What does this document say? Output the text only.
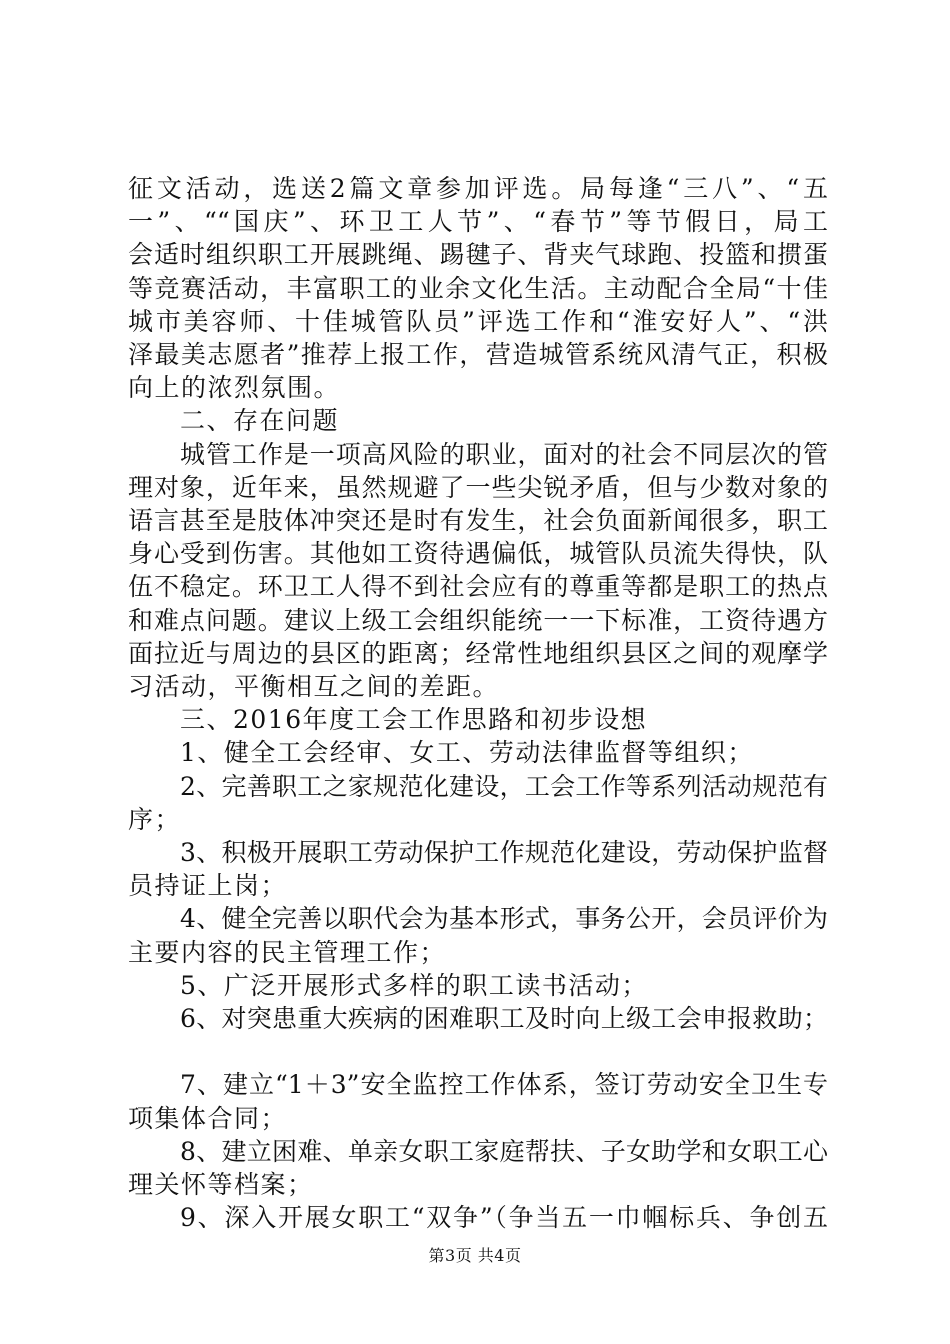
征文活动，选送2篇文章参加评选。局每逢“三八”、“五
一”、““国庆”、环卫工人节”、“春节”等节假日，局工
会适时组织职工开展跳绳、踢毽子、背夹气球跑、投篮和掼蛋
等竞赛活动，丰富职工的业余文化生活。主动配合全局“十佳
城市美容师、十佳城管队员”评选工作和“淮安好人”、“洪
泽最美志愿者”推荐上报工作，营造城管系统风清气正，积极
向上的浓烈氛围。
二、存在问题
城管工作是一项高风险的职业，面对的社会不同层次的管
理对象，近年来，虽然规避了一些尖锐矛盾，但与少数对象的
语言甚至是肢体冲突还是时有发生，社会负面新闻很多，职工
身心受到伤害。其他如工资待遇偏低，城管队员流失得快，队
伍不稳定。环卫工人得不到社会应有的尊重等都是职工的热点
和难点问题。建议上级工会组织能统一一下标准，工资待遇方
面拉近与周边的县区的距离；经常性地组织县区之间的观摩学
习活动，平衡相互之间的差距。
三、2016年度工会工作思路和初步设想
1、健全工会经审、女工、劳动法律监督等组织；
2、完善职工之家规范化建设，工会工作等系列活动规范有
序；
3、积极开展职工劳动保护工作规范化建设，劳动保护监督
员持证上岗；
4、健全完善以职代会为基本形式，事务公开，会员评价为
主要内容的民主管理工作；
5、广泛开展形式多样的职工读书活动；
6、对突患重大疾病的困难职工及时向上级工会申报救助；
7、建立“1＋3”安全监控工作体系，签订劳动安全卫生专
项集体合同；
8、建立困难、单亲女职工家庭帮扶、子女助学和女职工心
理关怀等档案；
9、深入开展女职工“双争”（争当五一巾帼标兵、争创五
第3页 共4页
